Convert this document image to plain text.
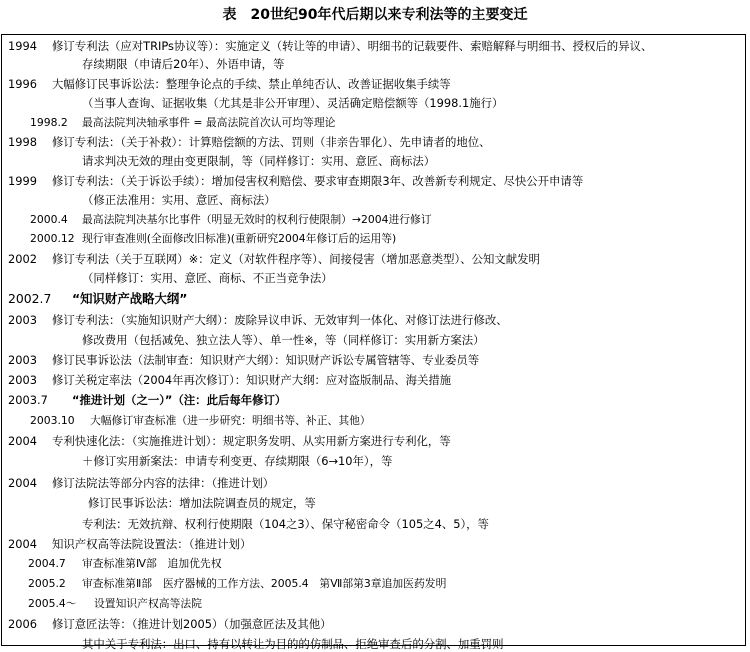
表　20世纪90年代后期以来专利法等的主要变迁
1994 修订专利法（应对TRIPs协议等）：实施定义（转让等的申请）、明细书的记载要件、索赔解释与明细书、授权后的异议、
存续期限（申请后20年）、外语申请，等
1996 大幅修订民事诉讼法：整理争论点的手续、禁止单纯否认、改善证据收集手续等
（当事人查询、证据收集（尤其是非公开审理）、灵活确定赔偿额等（1998.1施行）
1998.2 最高法院判决轴承事件 = 最高法院首次认可均等理论
1998 修订专利法：（关于补救）：计算赔偿额的方法、罚则（非亲告罪化）、先申请者的地位、
请求判决无效的理由变更限制，等（同样修订：实用、意匠、商标法）
1999 修订专利法：（关于诉讼手续）：增加侵害权利赔偿、要求审查期限3年、改善新专利规定、尽快公开申请等
（修正法准用：实用、意匠、商标法）
2000.4 最高法院判决基尔比事件（明显无效时的权利行使限制）→2004进行修订
2000.12 现行审查准则(全面修改旧标准)(重新研究2004年修订后的运用等)
2002 修订专利法（关于互联网）※：定义（对软件程序等）、间接侵害（增加恶意类型）、公知文献发明
（同样修订：实用、意匠、商标、不正当竞争法）
2002.7 “知识财产战略大纲”
2003 修订专利法：（实施知识财产大纲）：废除异议申诉、无效审判一体化、对修订法进行修改、
修改费用（包括减免、独立法人等）、单一性※，等（同样修订：实用新方案法）
2003 修订民事诉讼法（法制审查：知识财产大纲）：知识财产诉讼专属管辖等、专业委员等
2003 修订关税定率法（2004年再次修订）：知识财产大纲：应对盗版制品、海关措施
2003.7 “推进计划（之一）”（注：此后每年修订）
2003.10 大幅修订审查标准（进一步研究：明细书等、补正、其他）
2004 专利快速化法：（实施推进计划）：规定职务发明、从实用新方案进行专利化，等
＋修订实用新案法：申请专利变更、存续期限（6→10年），等
2004 修订法院法等部分内容的法律：（推进计划）
修订民事诉讼法：增加法院调查员的规定，等
专利法：无效抗辩、权利行使期限（104之3）、保守秘密命令（105之4、5），等
2004 知识产权高等法院设置法：（推进计划）
2004.7 审查标准第Ⅳ部　追加优先权
2005.2 审查标准第Ⅱ部　医疗器械的工作方法、2005.4　第Ⅶ部第3章追加医药发明
2005.4～ 设置知识产权高等法院
2006 修订意匠法等：（推进计划2005）（加强意匠法及其他）
其中关于专利法：出口、持有以转让为目的的仿制品、拒绝审查后的分割、加重罚则
